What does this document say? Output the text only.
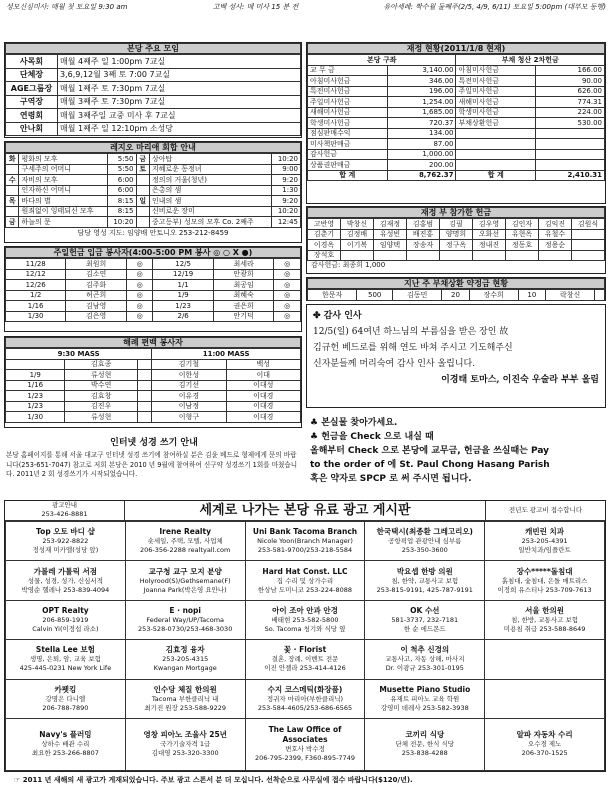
성모신심미사: 매월 첫 토요일 9:30 am	고백 성사: 매 미사 15 분 전	유아세례: 짝수월 둘째주(2/5, 4/9, 6/11) 토요일 5:00pm (대부모 동행)
본당 주요 모임
사목회	매월 4째주 일 1:00pm 7교실
단체장	3,6,9,12월 3째 토 7:00 7교실
AGE그룹장	매월 1째주 토 7:30pm 7교실
구역장	매월 3째주 토 7:30pm 7교실
연령회	매월 3째주일 교중 미사 후 7교실
안나회	매월 1째주 일 12:10pm 소성당
레지오 마리애 회합 안내
화	평화의 모후	5:50	금	상아탑	10:20
	구세주의 어머니	5:50	토	지혜로운 동정녀	9:00
수	자비의 모후	6:00		정의의 거울(청년)	9:20
	인자하신 어머니	6:00		은총의 샘	1:30
목	바다의 별	8:15	일	인내의 샘	9:20
	원죄없이 잉태되신 모후	8:15		신비로운 장미	10:20
금	하늘의 문	10:20		중고등부) 성모의 모후 Co. 2째주	12:45
담당 영성 지도: 임양배 안토니오 253-212-8459
주일헌금 입금 봉사자(4:00-5:00 PM 봉사 ◎ ○ X ●)
11/28	최원희	◎	12/5	최세라	◎
12/12	김소연	◎	12/19	안광희	◎
12/26	김주화	◎	1/1	최공임	◎
1/2	허곤희	◎	1/9	최혜숙	◎
1/16	김남영	◎	1/23	권은희	◎
1/30	김은영	◎	2/6	안기덕	◎
해례 편백 봉사자
9:30 MASS			11:00 MASS	
	김효종		김기철	백성
1/9	류성현		이한성	이대
1/16	박수연		김기선	이대성
1/23	김효창		이유경	이대경
1/23	김진우		이남정	이대경
1/30	류성현		이형구	이대경
인터넷 성경 쓰기 안내
본당 홈페이지를 통해 서울 대교구 인터넷 성경 쓰기에 참여하실 분은 김윤 베드로 형제에게 문의 바랍니다(253-651-7047) 참고로 저희 본당은 2010 년 9월에 참여하여 신구약 성경쓰기 1회를 마쳤습니다. 2011년 2 회 성경쓰기가 시작되었습니다.
재정 현황(2011/1/8 현재)
본당 구좌		부채 청산 2차헌금	
교 무 금	3,140.00	아침미사헌금	166.00
아침미사헌금	346.00	특전미사헌금	90.00
특전미사헌금	196.00	주일미사헌금	626.00
주일미사헌금	1,254.00	새해미사헌금	774.31
새해미사헌금	1,685.00	학생미사헌금	224.00
학생미사헌금	720.37	부채상환헌금	530.00
점심판매수익	134.00		
미사책판매금	87.00		
감사헌금	1,000.00		
상품권판매금	200.00		
합 계	8,762.37	합 계	2,410.31
재정 부 참가한 헌금
고반영	박창신	김재정	김홍범	김필	김우영	김인자	김익진	김원식
김춘기	김정배	유성빈	배진홍	양명희	오화선	유현옥	유철수	
이경옥	이기복	임양택	장송자	정구옥	정내진	정동호	정용순	
장석호								
감사헌금: 최종희 1,000
지난 주 부채상환 약정금 현황
한문자	500	김동민	20	장수희	10	락창신	
✤ 감사 인사
12/5(일) 64여년 하느님의 부름심을 받은 장인 故
김규헌 베드로를 위해 연도 바쳐 주시고 기도해주신
신자분들께 머리숙여 감사 인사 올립니다.
이경태 토마스, 이진숙 우술라 부부 올림
♣ 본실물 찾아가세요.
♣ 헌금을 Check 으로 내실 때
올해부터 Check 으로 본당에 교무금, 헌금을 쓰실때는 Pay
to the order of 에 St. Paul Chong Hasang Parish
혹은 약자로 SPCP 로 써 주시면 됩니다.
광고안내
253-426-8881	세계로 나가는 본당 유료 광고 게시판	전년도 광고비 접수합니다
Top 오토 바디 샵
253-922-8822
정성재 미카엘(성당 앞)	Irene Realty
숏세일, 주택, 모텔, 사업체
206-356-2288 realtyall.com	Uni Bank Tacoma Branch
Nicole Yoon(Branch Manager)
253-581-9700/253-218-5584	한국택시(최종환 그레고리오)
공항픽업 관광안내 심부름
253-350-3600	캐빈린 치과
253-205-4391
일반치과/임플란트
가볼레 가톨릭 서점
성물, 성경, 성가, 신심서적
박영순 헬레나 253-839-4094	교구청 교구 모지 분양
Holyrood(S)/Gethsemane(F)
Joanna Park(박은영 요안나)	Hard Hat Const. LLC
집 수리 및 상가수리
한상남 도미니코 253-224-8088	박요셉 한방 의원
침, 한약, 교통사고 보험
253-815-9191, 425-787-9191	장수*****돌침대
흙침대, 숯침대, 은돌 매트리스
이정희 유스티나 253-709-7613
OPT Realty
206-859-1919
Calvin Yi(이정섭 라소)	E · nopi
Federal Way/UP/Tacoma
253-528-0730/253-468-3030	아이 조아 안과 안경
배태현 253-582-5800
So. Tacoma 청기와 식당 옆	OK 수선
581-3737, 232-7181
한 순 에드몬드	서울 한의원
침, 한방, 교통사고 보험
미용침 취급 253-588-8649
Stella Lee 보험
생명, 은퇴, 암, 교육 보험
425-445-0231 New York Life	김효정 융자
253-205-4315
Kwangan Mortgage	꽃 · Florist
결혼, 장례, 이벤트 전문
이진 안젤라 253-414-4126	이 척추 신경의
교통사고, 자동 상해, 마사지
Dr. 이광규 253-301-0195	
카펫킹
강명은 다니엘
206-788-7890	인수당 체질 한의원
Tacoma 부한클리닉 내
최기진 원장 253-588-9229	수지 코스메틱(화장품)
정귀자 마리아(부한클리닉)
253-584-4605/253-686-6565	Musette Piano Studio
유재트 피아노 교육 학원
강영미 데레사 253-582-3938	
Navy's 플러밍
상하수 배관 수리
최요한 253-266-8807	영창 피아노 조율사 25년
국가기술자격 1급
김대영 253-320-3300	The Law Office of Associates
변호사 박수정
206-795-2399, F360-895-7749	코끼리 식당
단체 전문, 한식 식당
253-838-4288	알파 자동차 수리
오수경 제노
206-370-1525
☞ 2011 년 새해의 새 광고가 게재되었습니다. 주보 광고 스폰서 분 더 모십니다. 선착순으로 사무실에 접수 바랍니다($120/년).
